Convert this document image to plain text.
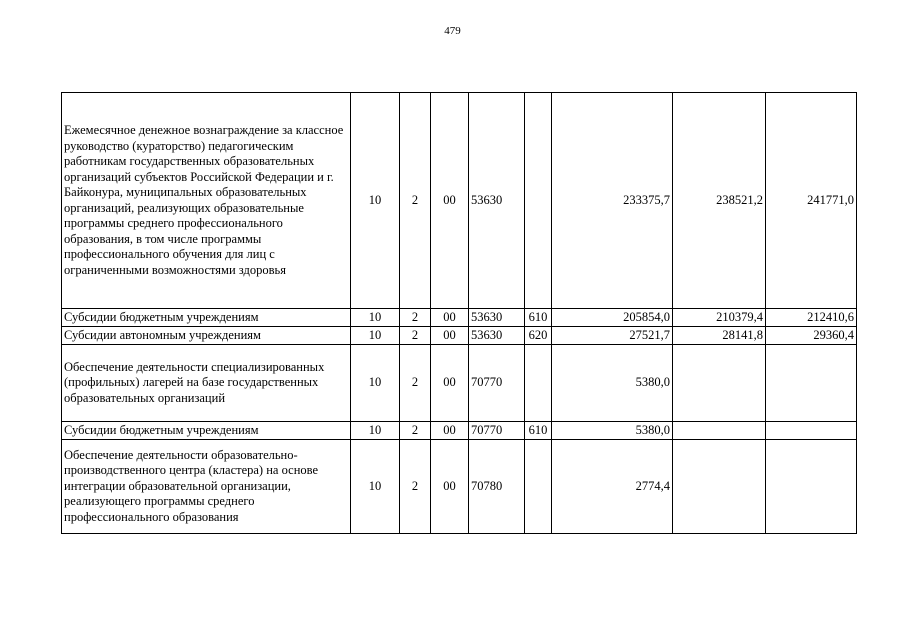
479
Ежемесячное денежное вознаграждение за классное руководство (кураторство) педагогическим работникам государственных образовательных организаций субъектов Российской Федерации и г. Байконура, муниципальных образовательных организаций, реализующих образовательные программы среднего профессионального образования, в том числе программы профессионального обучения для лиц с ограниченными возможностями здоровья	10	2	00	53630		233375,7	238521,2	241771,0
Субсидии бюджетным учреждениям	10	2	00	53630	610	205854,0	210379,4	212410,6
Субсидии автономным учреждениям	10	2	00	53630	620	27521,7	28141,8	29360,4
Обеспечение деятельности специализированных (профильных) лагерей на базе государственных образовательных организаций	10	2	00	70770		5380,0		
Субсидии бюджетным учреждениям	10	2	00	70770	610	5380,0		
Обеспечение деятельности образовательно-производственного центра (кластера) на основе интеграции образовательной организации, реализующего программы среднего профессионального образования	10	2	00	70780		2774,4		
